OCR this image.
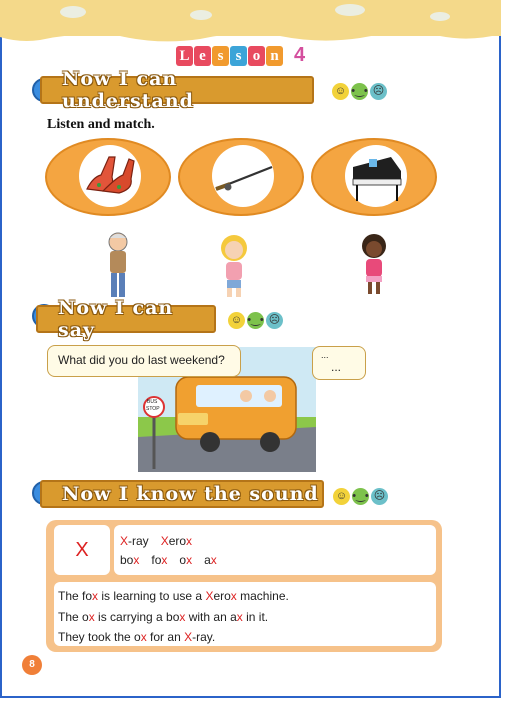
L e s s o n 4
Now I can understand	☺ •‿• ☹
Listen and match.
Now I can say	☺ •‿• ☹
BUS
STOP
What did you do last weekend?	...
...
Now I know the sound ☺ •‿• ☹
X	X-ray Xerox
box fox ox ax
The fox is learning to use a Xerox machine.
The ox is carrying a box with an ax in it.
They took the ox for an X-ray.
8
